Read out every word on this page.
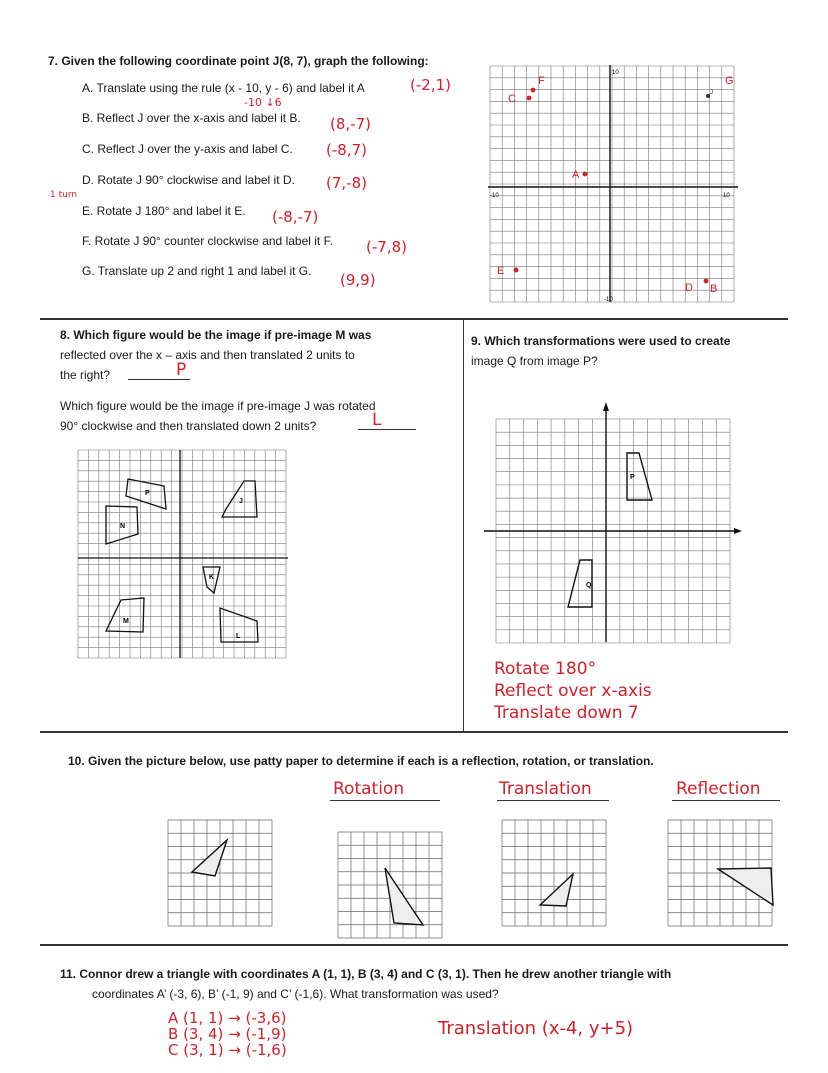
7. Given the following coordinate point J(8, 7), graph the following:
A. Translate using the rule (x - 10, y - 6) and label it A	(-2,1)
-10 ↓6
B. Reflect J over the x-axis and label it B. (8,-7)
C. Reflect J over the y-axis and label C. (-8,7)
D. Rotate J 90° clockwise and label it D. (7,-8)
1 turn
E. Rotate J 180° and label it E. (-8,-7)
F. Rotate J 90° counter clockwise and label it F. (-7,8)
G. Translate up 2 and right 1 and label it G. (9,9)
-10	10
10
-10
A
B
C
D
E
F	G
J
8. Which figure would be the image if pre-image M was
reflected over the x – axis and then translated 2 units to
the right?	P
Which figure would be the image if pre-image J was rotated
90° clockwise and then translated down 2 units?	L
P
N
J
K
M
L
9. Which transformations were used to create
image Q from image P?
P
Q
Rotate 180°
Reflect over x-axis
Translate down 7
10. Given the picture below, use patty paper to determine if each is a reflection, rotation, or translation.
Rotation	Translation	Reflection
11. Connor drew a triangle with coordinates A (1, 1), B (3, 4) and C (3, 1). Then he drew another triangle with
coordinates A’ (-3, 6), B’ (-1, 9) and C’ (-1,6). What transformation was used?
A (1, 1) → (-3,6)
B (3, 4) → (-1,9)
C (3, 1) → (-1,6)
Translation (x-4, y+5)
